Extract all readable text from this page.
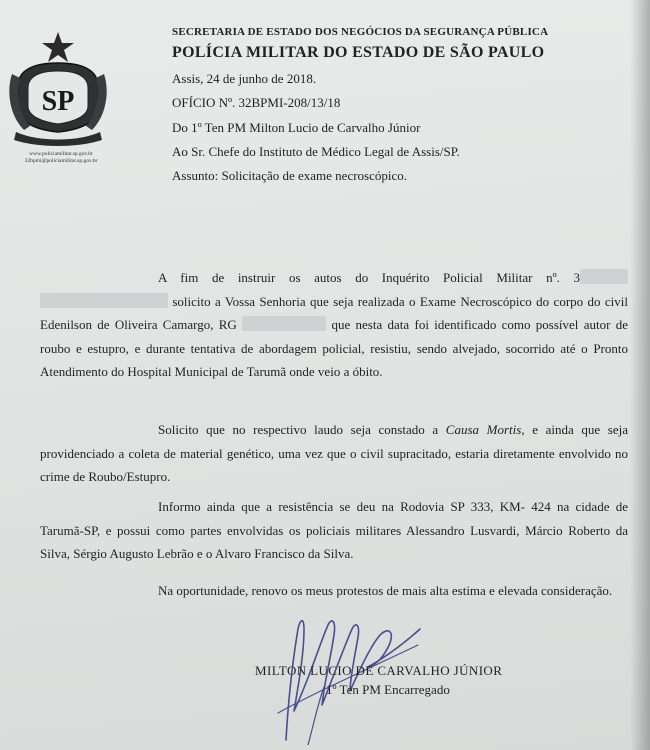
SP
www.policiamilitar.sp.gov.br
32bpmi@policiamilitar.sp.gov.br
SECRETARIA DE ESTADO DOS NEGÓCIOS DA SEGURANÇA PÚBLICA
POLÍCIA MILITAR DO ESTADO DE SÃO PAULO
Assis, 24 de junho de 2018.
OFÍCIO Nº. 32BPMI-208/13/18
Do 1º Ten PM Milton Lucio de Carvalho Júnior
Ao Sr. Chefe do Instituto de Médico Legal de Assis/SP.
Assunto: Solicitação de exame necroscópico.
A fim de instruir os autos do Inquérito Policial Militar nº. 3  solicito a Vossa Senhoria que seja realizada o Exame Necroscópico do corpo do civil Edenilson de Oliveira Camargo, RG	que nesta data foi identificado como possível autor de roubo e estupro, e durante tentativa de abordagem policial, resistiu, sendo alvejado, socorrido até o Pronto Atendimento do Hospital Municipal de Tarumã onde veio a óbito.
Solicito que no respectivo laudo seja constado a Causa Mortis, e ainda que seja providenciado a coleta de material genético, uma vez que o civil supracitado, estaria diretamente envolvido no crime de Roubo/Estupro.
Informo ainda que a resistência se deu na Rodovia SP 333, KM- 424 na cidade de Tarumã-SP, e possui como partes envolvidas os policiais militares Alessandro Lusvardi, Márcio Roberto da Silva, Sérgio Augusto Lebrão e o Alvaro Francisco da Silva.
Na oportunidade, renovo os meus protestos de mais alta estima e elevada consideração.
MILTON LUCIO DE CARVALHO JÚNIOR
1º Ten PM Encarregado
